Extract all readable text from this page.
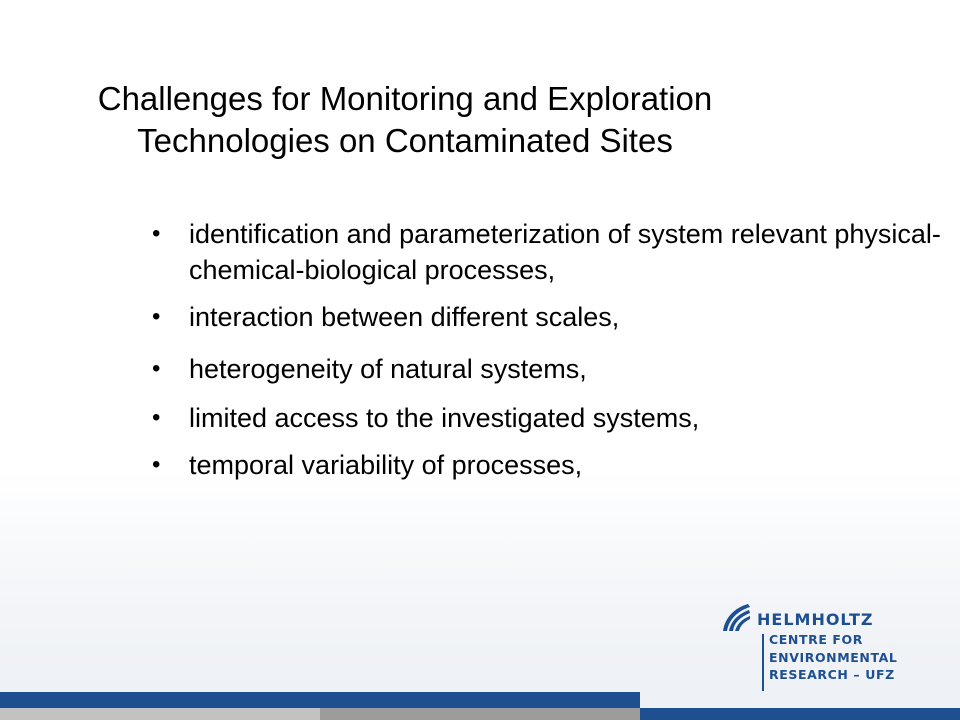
Challenges for Monitoring and Exploration
Technologies on Contaminated Sites
• identification and parameterization of system relevant physical-chemical-biological processes,
• interaction between different scales,
• heterogeneity of natural systems,
• limited access to the investigated systems,
• temporal variability of processes,
HELMHOLTZ
CENTRE FOR
ENVIRONMENTAL
RESEARCH – UFZ
